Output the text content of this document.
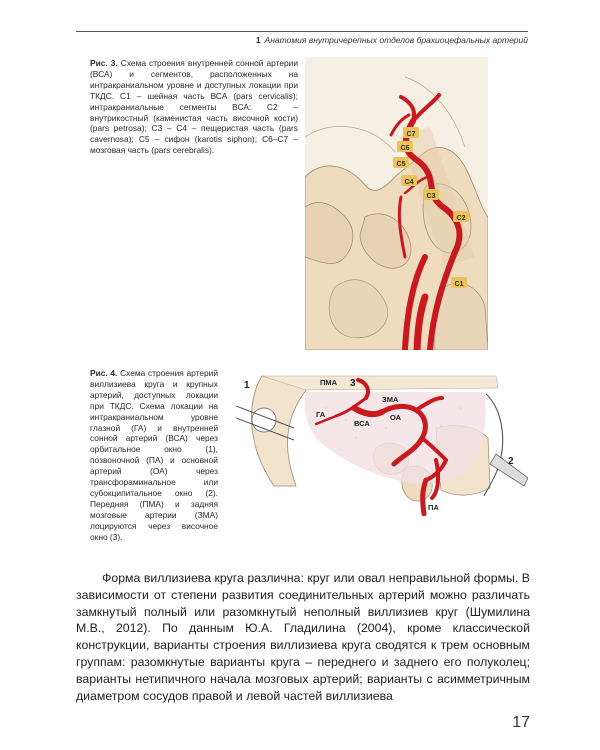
1 Анатомия внутричерепных отделов брахиоцефальных артерий
Рис. 3. Схема строения внутренней сонной артерии (ВСА) и сегментов, расположенных на интракраниальном уровне и доступных локации при ТКДС. С1 – шейная часть ВСА (pars cervicalis); интракраниальные сегменты ВСА: С2 – внутрикостный (каменистая часть височной кости) (pars petrosa); С3 – С4 – пещеристая часть (pars cavernosa); С5 – сифон (karotis siphon); С6–С7 – мозговая часть (pars cerebralis).
C7
C6
C5
C4
C3
C2
C1
Рис. 4. Схема строения артерий виллизиева круга и крупных артерий, доступных локации при ТКДС. Схема локации на интракраниальном уровне глазной (ГА) и внутренней сонной артерий (ВСА) через орбитальное окно (1), позвоночной (ПА) и основной артерий (ОА) через трансфораминальное или субокципитальное окно (2). Передняя (ПМА) и задняя мозговые артерии (ЗМА) лоцируются через височное окно (3).
1
2
3
ПМА
ЗМА
ГА
ВСА
ОА
ПА

Форма виллизиева круга различна: круг или овал неправильной формы. В зависимости от степени развития соединительных артерий можно различать замкнутый полный или разомкнутый неполный виллизиев круг (Шумилина М.В., 2012). По данным Ю.А. Гладилина (2004), кроме классической конструкции, варианты строения виллизиева круга сводятся к трем основным группам: разомкнутые варианты круга – переднего и заднего его полуколец; варианты нетипичного начала мозговых артерий; варианты с асимметричным диаметром сосудов правой и левой частей виллизиева

17
